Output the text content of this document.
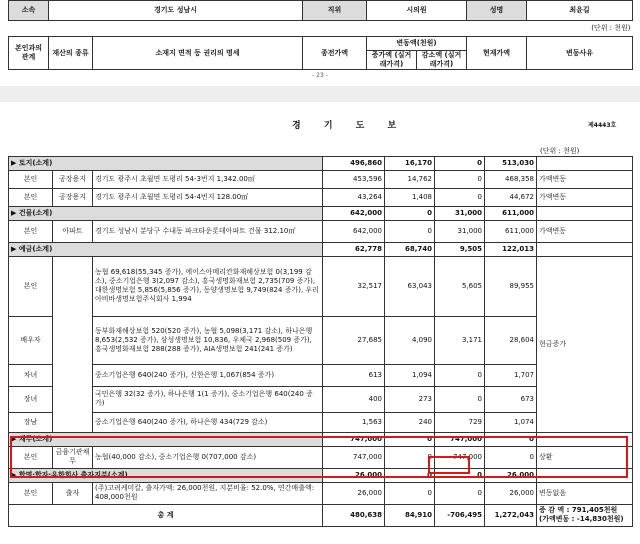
소속	경기도 성남시		직위	시의원		성명	최윤길
(단위 : 천원)							
본인과의 관계	재산의 종류	소재지 면적 등 권리의 명세	종전가액	변동액(천원)		현재가액	변동사유
				증가액 (실거래가격)	감소액 (실거래가격)		
- 23 -
경 기 도 보	제4443호
(단위 : 천원)

▶ 토지(소계)			496,860	16,170	0	513,030	
본인	공장용지	경기도 광주시 초월면 도평리 54-3번지 1,342.00㎡	453,596	14,762	0	468,358	가액변동
본인	공장용지	경기도 광주시 초월면 도평리 54-4번지 128.00㎡	43,264	1,408	0	44,672	가액변동
▶ 건물(소계)			642,000	0	31,000	611,000	
본인	아파트	경기도 성남시 분당구 수내동 파크타운롯데아파트 건물 312.10㎡	642,000	0	31,000	611,000	가액변동
▶ 예금(소계)			62,778	68,740	9,505	122,013	
본인		농협 69,618(55,345 증가), 에이스아메리칸화재해상보험 0(3,199 감소), 중소기업은행 3(2,097 감소), 흥국생명화재보험 2,735(709 증가), 대한생명보험 5,856(5,856 증가), 동양생명보험 9,749(824 증가), 우리아비바생명보험주식회사 1,994	32,517	63,043	5,605	89,955	현금증가
배우자		동부화재해상보험 520(520 증가), 농협 5,098(3,171 감소), 하나은행 8,653(2,532 증가), 삼성생명보험 10,836, 우체국 2,968(509 증가), 흥국생명화재보험 288(288 증가), AIA생명보험 241(241 증가)	27,685	4,090	3,171	28,604	
차녀		중소기업은행 640(240 증가), 신한은행 1,067(854 증가)	613	1,094	0	1,707	
장녀		국민은행 32(32 증가), 하나은행 1(1 증가), 중소기업은행 640(240 증가)	400	273	0	673	
장남		중소기업은행 640(240 증가), 하나은행 434(729 감소)	1,563	240	729	1,074	
▶ 채무(소계)			747,000	0	747,000	0	
본인	금융기관채무	농협(40,000 감소), 중소기업은행 0(707,000 감소)	747,000	0	747,000	0	상환
▶ 합명·합자·유한회사 출자지분(소계)			26,000	0	0	26,000	
본인	출자	(주)고려케미칼, 출자가액: 26,000천원, 지분비율: 52.0%, 연간매출액: 408,000천원	26,000	0	0	26,000	변동없음
총 계			480,638	84,910	-706,495	1,272,043	증 감 액 : 791,405천원
(가액변동 : -14,830천원)
